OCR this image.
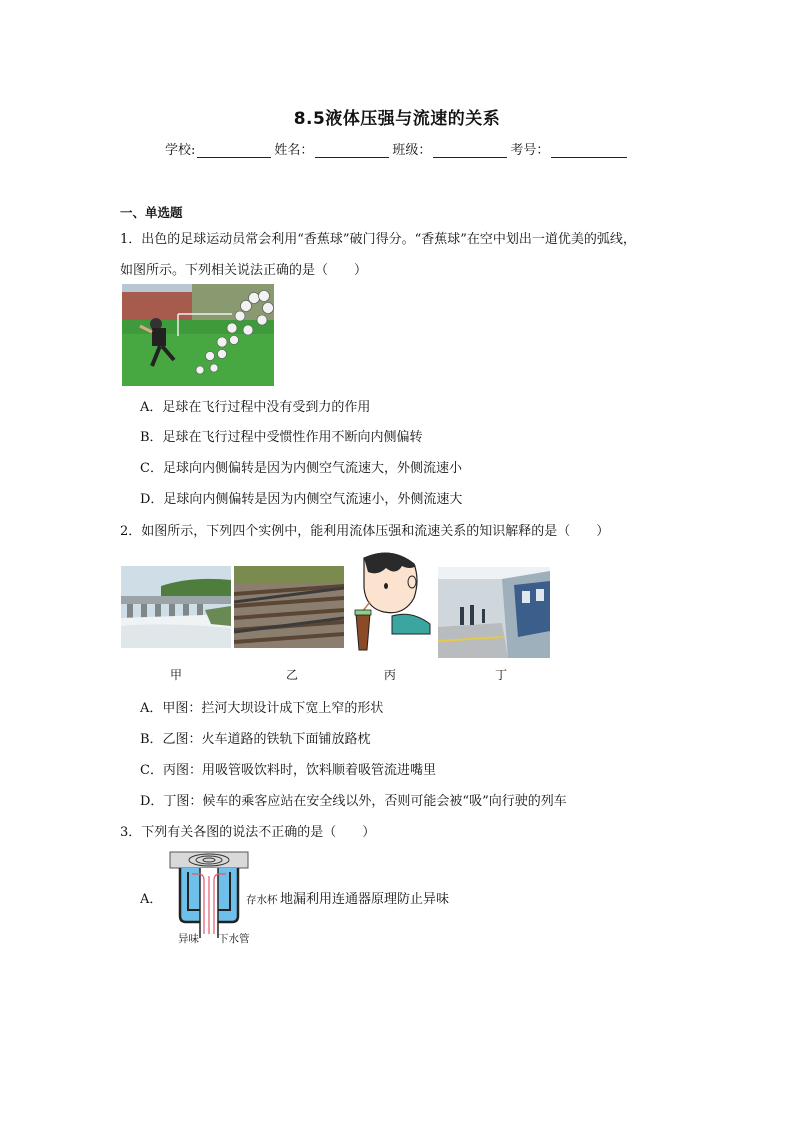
8.5液体压强与流速的关系
学校:	姓名：	班级：	考号：
一、单选题
1．出色的足球运动员常会利用“香蕉球”破门得分。“香蕉球”在空中划出一道优美的弧线，
如图所示。下列相关说法正确的是（　　）
A．足球在飞行过程中没有受到力的作用
B．足球在飞行过程中受惯性作用不断向内侧偏转
C．足球向内侧偏转是因为内侧空气流速大，外侧流速小
D．足球向内侧偏转是因为内侧空气流速小，外侧流速大
2．如图所示，下列四个实例中，能利用流体压强和流速关系的知识解释的是（　　）
甲	乙	丙	丁
A．甲图：拦河大坝设计成下宽上窄的形状
B．乙图：火车道路的铁轨下面铺放路枕
C．丙图：用吸管吸饮料时，饮料顺着吸管流进嘴里
D．丁图：候车的乘客应站在安全线以外，否则可能会被“吸”向行驶的列车
3．下列有关各图的说法不正确的是（　　）
A．	存水杯 地漏利用连通器原理防止异味
异味 下水管
